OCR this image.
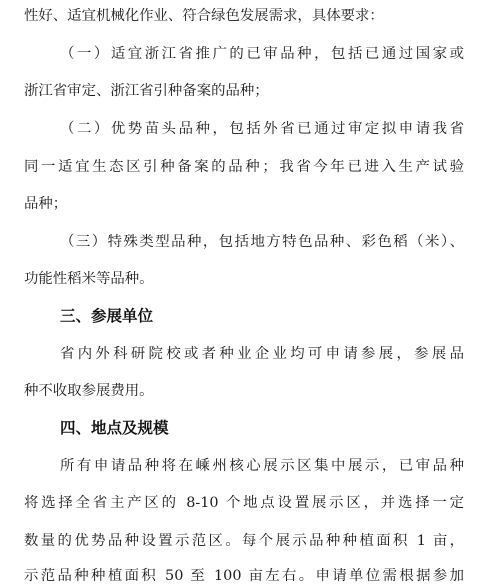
性好、适宜机械化作业、符合绿色发展需求，具体要求：
（一）适宜浙江省推广的已审品种，包括已通过国家或
浙江省审定、浙江省引种备案的品种；
（二）优势苗头品种，包括外省已通过审定拟申请我省
同一适宜生态区引种备案的品种；我省今年已进入生产试验
品种；
（三）特殊类型品种，包括地方特色品种、彩色稻（米）、
功能性稻米等品种。
三、参展单位
省内外科研院校或者种业企业均可申请参展，参展品
种不收取参展费用。
四、地点及规模
所有申请品种将在嵊州核心展示区集中展示，已审品种
将选择全省主产区的 8-10 个地点设置展示区，并选择一定
数量的优势品种设置示范区。每个展示品种种植面积 1 亩，
示范品种种植面积 50 至 100 亩左右。申请单位需根据参加
